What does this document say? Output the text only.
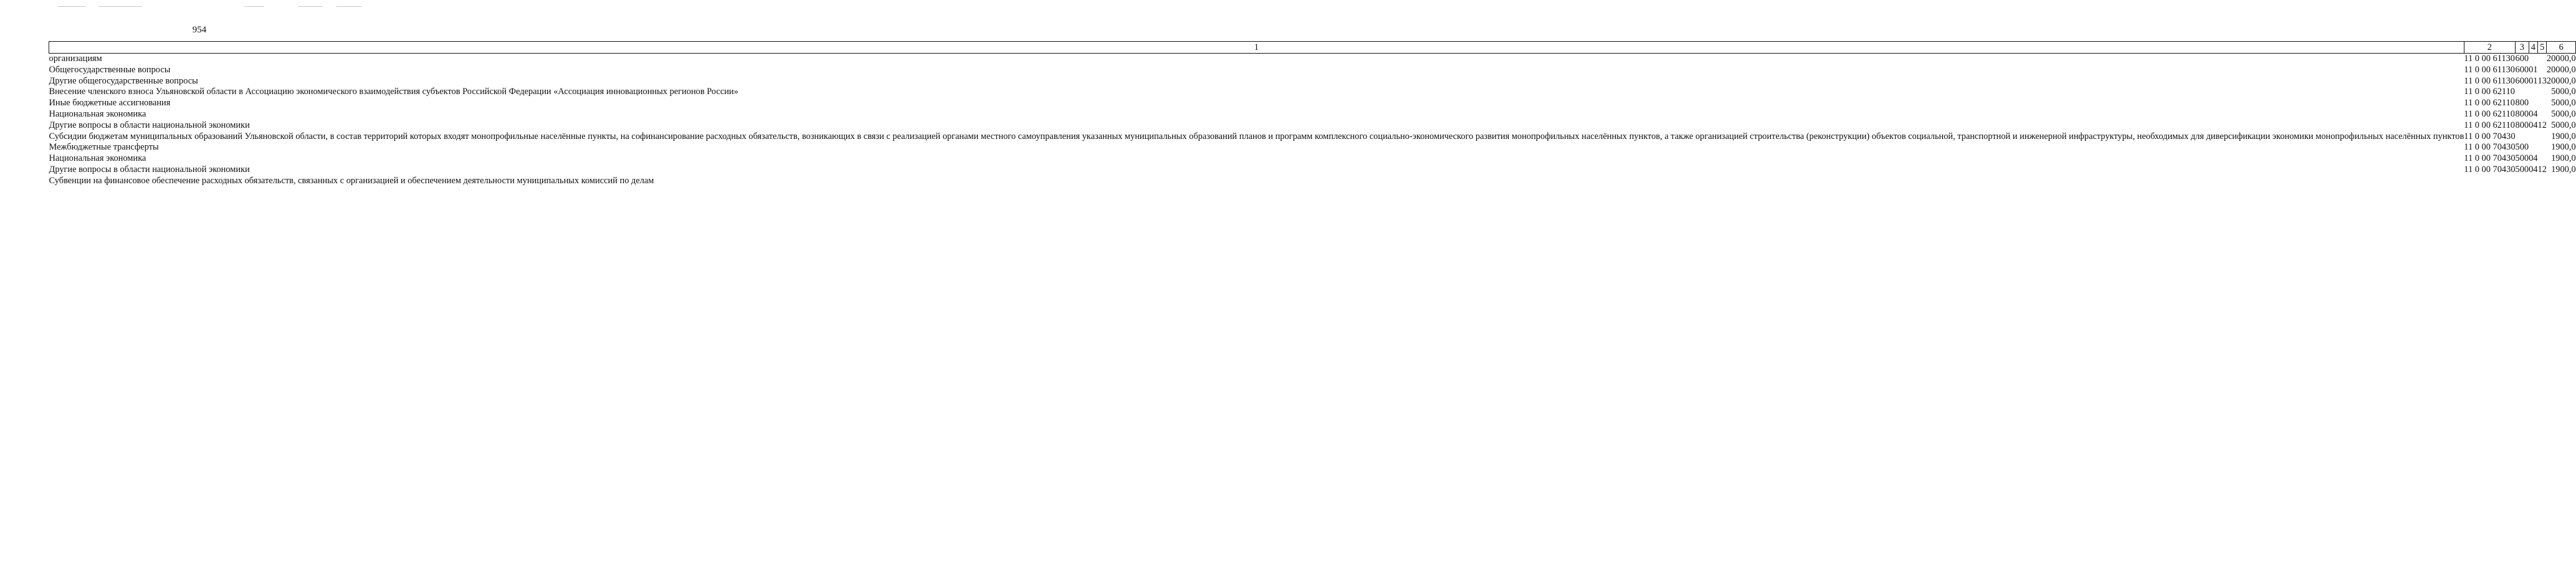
954
1	2	3	4	5	6
организациям	11 0 00 61130	600			20000,0
Общегосударственные вопросы	11 0 00 61130	600	01		20000,0
Другие общегосударственные вопросы	11 0 00 61130	600	01	13	20000,0
Внесение членского взноса Ульяновской области в Ассоциацию экономического взаимодействия субъектов Российской Федерации «Ассоциация инновационных регионов России»	11 0 00 62110				5000,0
Иные бюджетные ассигнования	11 0 00 62110	800			5000,0
Национальная экономика	11 0 00 62110	800	04		5000,0
Другие вопросы в области национальной экономики	11 0 00 62110	800	04	12	5000,0
Субсидии бюджетам муниципальных образований Ульяновской области, в состав территорий которых входят монопрофильные населённые пункты, на софинансирование расходных обязательств, возникающих в связи с реализацией органами местного самоуправления указанных муниципальных образований планов и программ комплексного социально-экономического развития монопрофильных населённых пунктов, а также организацией строительства (реконструкции) объектов социальной, транспортной и инженерной инфраструктуры, необходимых для диверсификации экономики монопрофильных населённых пунктов	11 0 00 70430				1900,0
Межбюджетные трансферты	11 0 00 70430	500			1900,0
Национальная экономика	11 0 00 70430	500	04		1900,0
Другие вопросы в области национальной экономики	11 0 00 70430	500	04	12	1900,0
Субвенции на финансовое обеспечение расходных обязательств, связанных с организацией и обеспечением деятельности муниципальных комиссий по делам					
